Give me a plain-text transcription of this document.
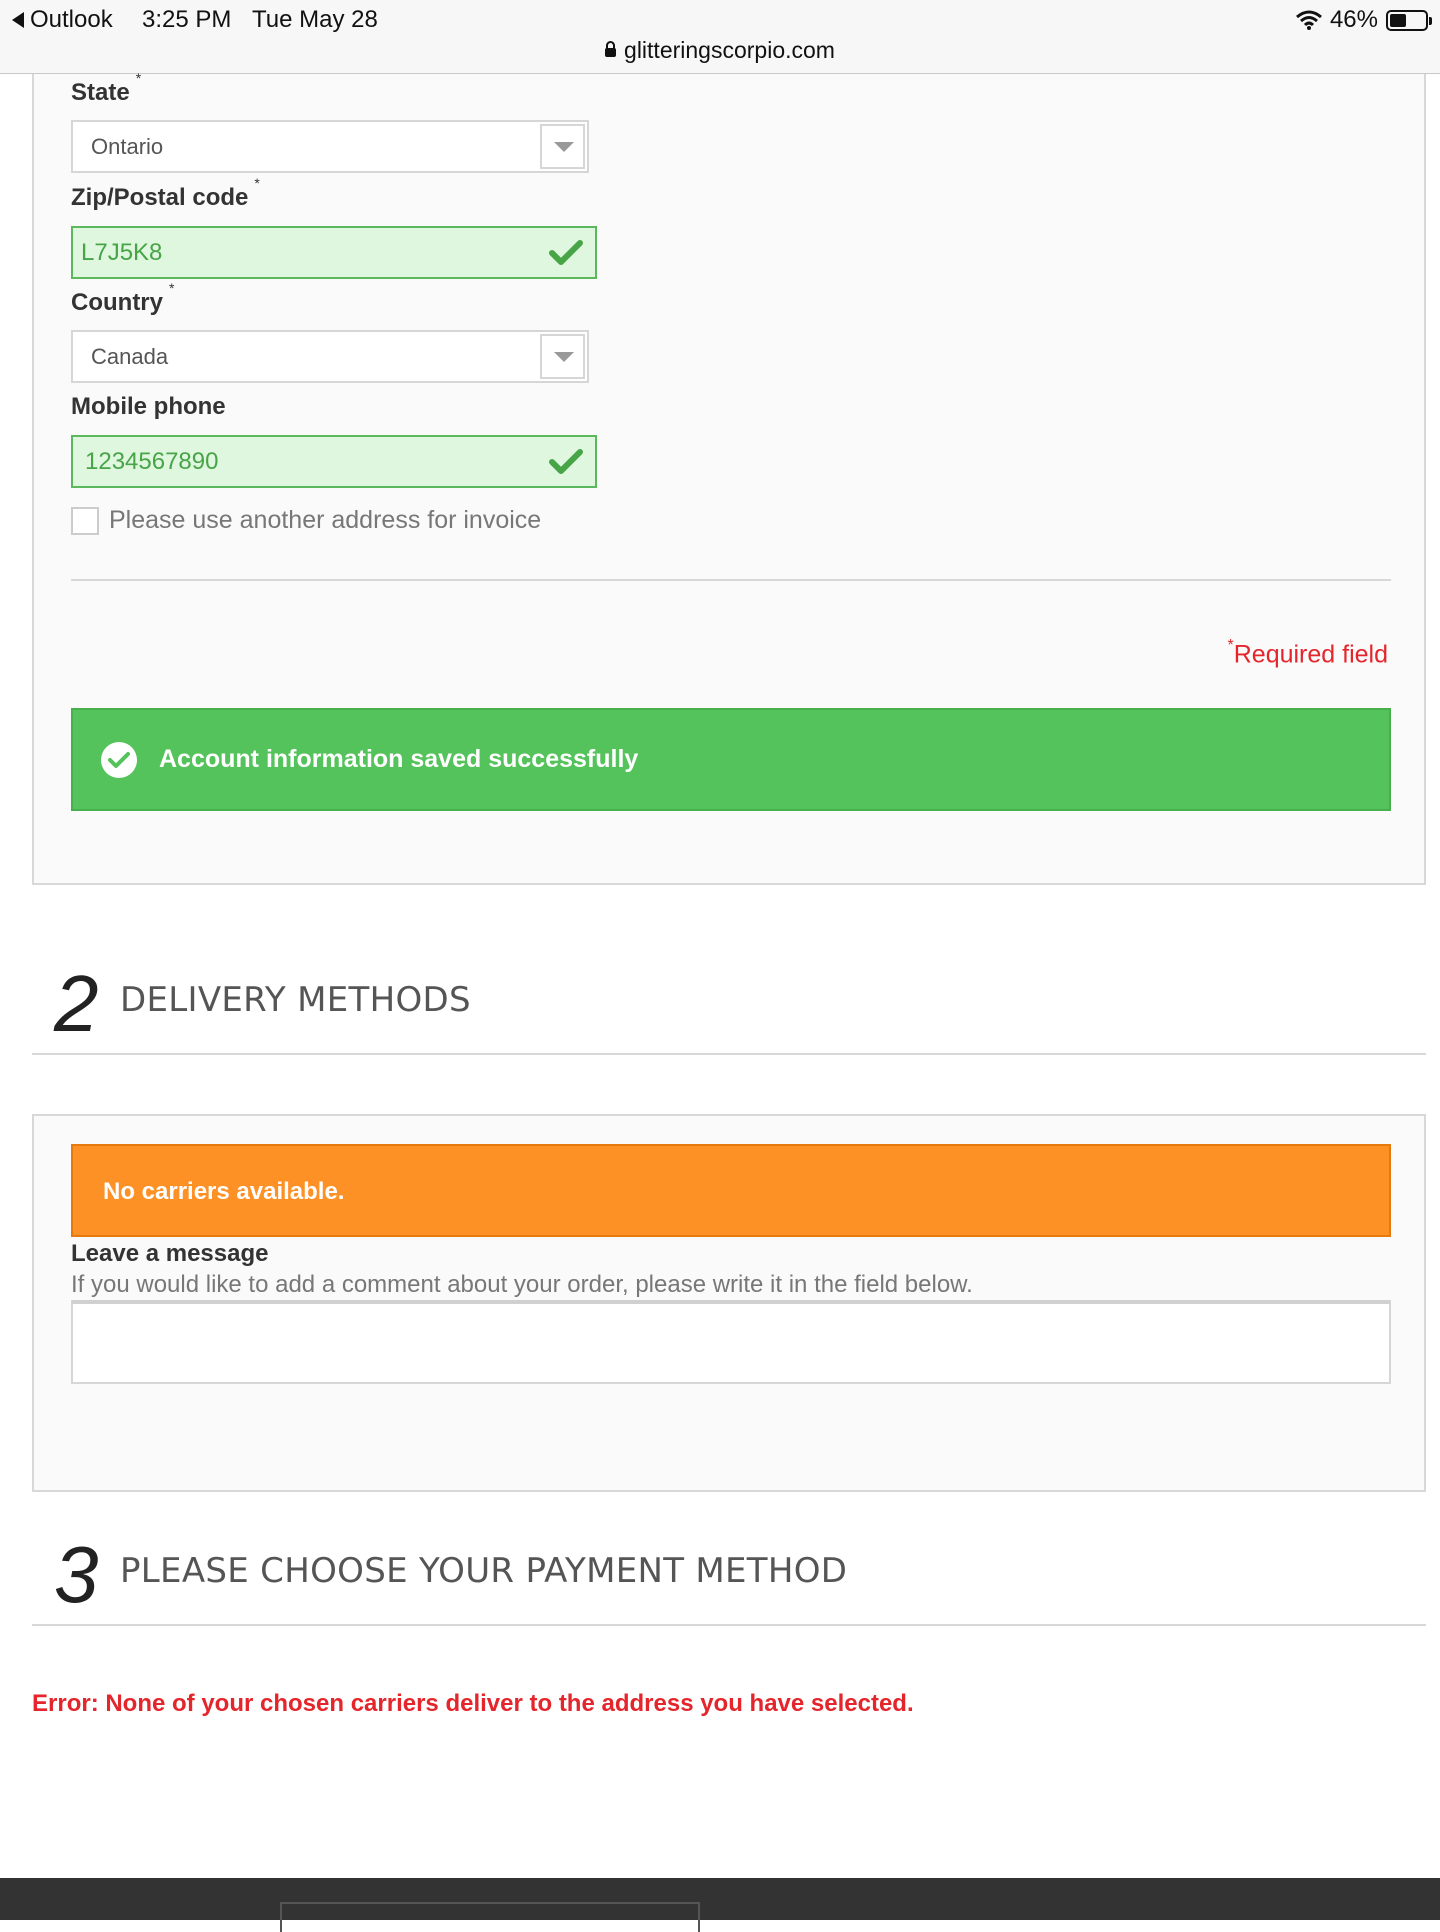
Outlook 3:25 PM Tue May 28
glitteringscorpio.com
46%
State*
Ontario
Zip/Postal code*
L7J5K8
Country*
Canada
Mobile phone
1234567890
Please use another address for invoice
*Required field
Account information saved successfully
2 DELIVERY METHODS
No carriers available.
Leave a message
If you would like to add a comment about your order, please write it in the field below.
3 PLEASE CHOOSE YOUR PAYMENT METHOD
Error: None of your chosen carriers deliver to the address you have selected.
